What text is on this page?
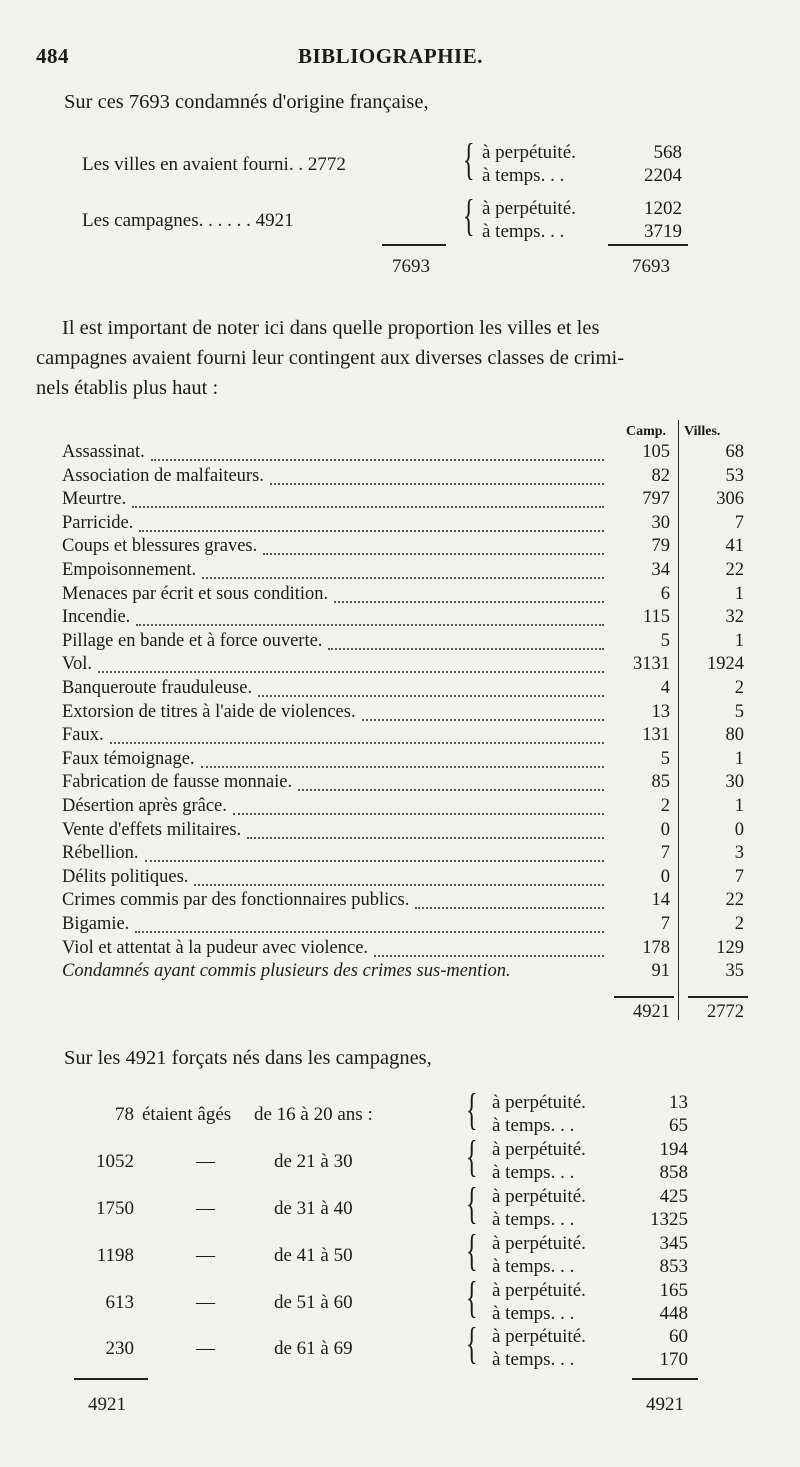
484	BIBLIOGRAPHIE.
Sur ces 7693 condamnés d'origine française,
Les villes en avaient fourni. . 2772	{ à perpétuité.	568
à temps. . .	2204
Les campagnes. . . . . . 4921	{ à perpétuité.	1202
à temps. . .	3719
7693	7693
Il est important de noter ici dans quelle proportion les villes et les
campagnes avaient fourni leur contingent aux diverses classes de crimi-
nels établis plus haut :
Camp. Villes.
Assassinat.	105	68
Association de malfaiteurs.	82	53
Meurtre.	797	306
Parricide.	30	7
Coups et blessures graves.	79	41
Empoisonnement.	34	22
Menaces par écrit et sous condition.	6	1
Incendie.	115	32
Pillage en bande et à force ouverte.	5	1
Vol.	3131	1924
Banqueroute frauduleuse.	4	2
Extorsion de titres à l'aide de violences.	13	5
Faux.	131	80
Faux témoignage.	5	1
Fabrication de fausse monnaie.	85	30
Désertion après grâce.	2	1
Vente d'effets militaires.	0	0
Rébellion.	7	3
Délits politiques.	0	7
Crimes commis par des fonctionnaires publics.	14	22
Bigamie.	7	2
Viol et attentat à la pudeur avec violence.	178	129
Condamnés ayant commis plusieurs des crimes sus-mention.	91	35
4921	2772
Sur les 4921 forçats nés dans les campagnes,
78 étaient âgés de 16 à 20 ans : { à perpétuité.	13
à temps. . .	65
1052	—	de 21 à 30	{ à perpétuité.	194
à temps. . .	858
1750	—	de 31 à 40	{ à perpétuité.	425
à temps. . .	1325
1198	—	de 41 à 50	{ à perpétuité.	345
à temps. . .	853
613	—	de 51 à 60	{ à perpétuité.	165
à temps. . .	448
230	—	de 61 à 69	{ à perpétuité.	60
à temps. . .	170
4921	4921
